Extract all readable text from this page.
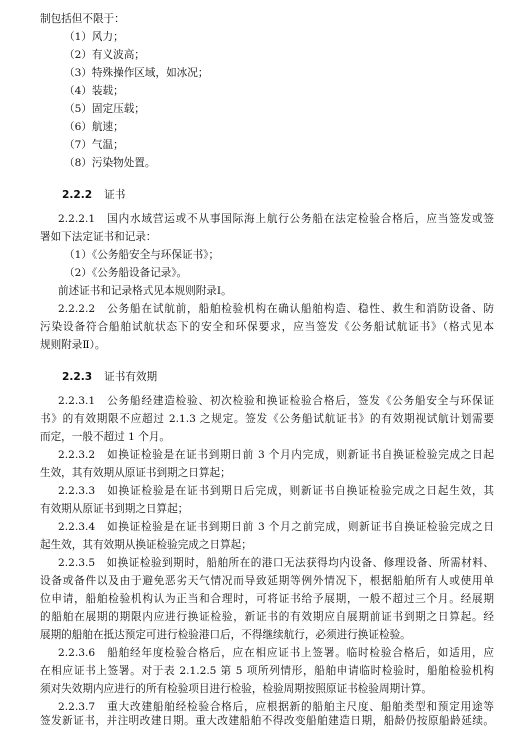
制包括但不限于：
（1）风力；
（2）有义波高；
（3）特殊操作区域，如冰况；
（4）装载；
（5）固定压载；
（6）航速；
（7）气温；
（8）污染物处置。
2.2.2 证书
2.2.2.1　国内水域营运或不从事国际海上航行公务船在法定检验合格后，应当签发或签
署如下法定证书和记录：
（1）《公务船安全与环保证书》；
（2）《公务船设备记录》。
前述证书和记录格式见本规则附录Ⅰ。
2.2.2.2　公务船在试航前，船舶检验机构在确认船舶构造、稳性、救生和消防设备、防
污染设备符合船舶试航状态下的安全和环保要求，应当签发《公务船试航证书》（格式见本
规则附录Ⅱ）。
2.2.3 证书有效期
2.2.3.1　公务船经建造检验、初次检验和换证检验合格后，签发《公务船安全与环保证
书》的有效期限不应超过 2.1.3 之规定。签发《公务船试航证书》的有效期视试航计划需要
而定，一般不超过 1 个月。
2.2.3.2　如换证检验是在证书到期日前 3 个月内完成，则新证书自换证检验完成之日起
生效，其有效期从原证书到期之日算起；
2.2.3.3　如换证检验是在证书到期日后完成，则新证书自换证检验完成之日起生效，其
有效期从原证书到期之日算起；
2.2.3.4　如换证检验是在证书到期日前 3 个月之前完成，则新证书自换证检验完成之日
起生效，其有效期从换证检验完成之日算起；
2.2.3.5　如换证检验到期时，船舶所在的港口无法获得均内设备、修理设备、所需材料、
设备或备件以及由于避免恶劣天气情况而导致延期等例外情况下，根据船舶所有人或使用单
位申请，船舶检验机构认为正当和合理时，可将证书给予展期，一般不超过三个月。经展期
的船舶在展期的期限内应进行换证检验，新证书的有效期应自展期前证书到期之日算起。经
展期的船舶在抵达预定可进行检验港口后，不得继续航行，必须进行换证检验。
2.2.3.6　船舶经年度检验合格后，应在相应证书上签署。临时检验合格后，如适用，应
在相应证书上签署。对于表 2.1.2.5 第 5 项所列情形，船舶申请临时检验时，船舶检验机构
须对失效期内应进行的所有检验项目进行检验，检验周期按照原证书检验周期计算。
2.2.3.7　重大改建船舶经检验合格后，应根据新的船舶主尺度、船舶类型和预定用途等
签发新证书，并注明改建日期。重大改建船舶不得改变船舶建造日期，船龄仍按原船龄延续。
